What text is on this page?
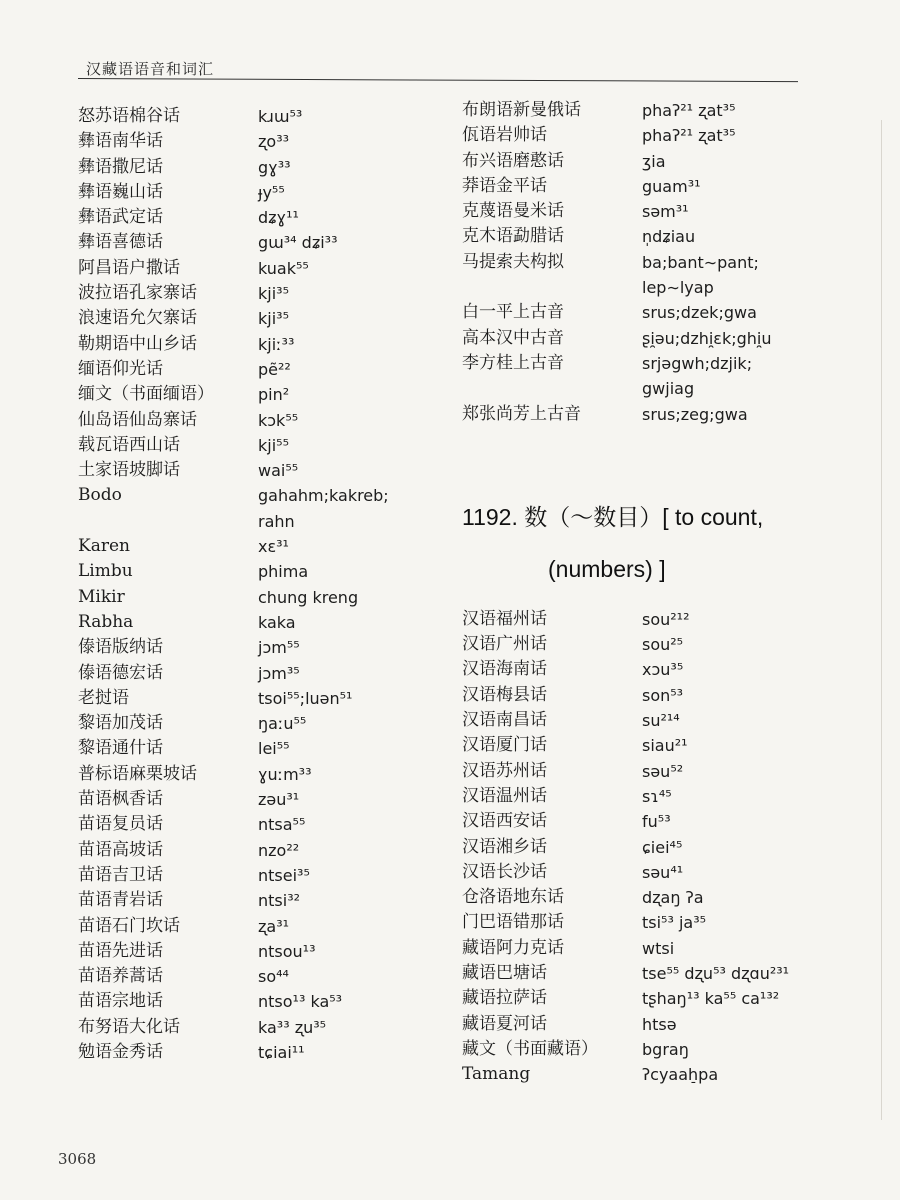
汉藏语语音和词汇
怒苏语棉谷话	kɹɯ⁵³
彝语南华话	ʐo³³
彝语撒尼话	gɣ³³
彝语巍山话	ɟy⁵⁵
彝语武定话	dʑɣ¹¹
彝语喜德话	gɯ³⁴ dʑi³³
阿昌语户撒话	kuak⁵⁵
波拉语孔家寨话	kji³⁵
浪速语允欠寨话	kji³⁵
勒期语中山乡话	kjiː³³
缅语仰光话	pẽ²²
缅文（书面缅语）	pin²
仙岛语仙岛寨话	kɔk⁵⁵
载瓦语西山话	kji⁵⁵
土家语坡脚话	wai⁵⁵
Bodo	gahahm;kakreb;
rahn
Karen	xɛ³¹
Limbu	phima
Mikir	chung kreng
Rabha	kaka
傣语版纳话	jɔm⁵⁵
傣语德宏话	jɔm³⁵
老挝语	tsoi⁵⁵;luən⁵¹
黎语加茂话	ŋaːu⁵⁵
黎语通什话	lei⁵⁵
普标语麻栗坡话	ɣuːm³³
苗语枫香话	zəu³¹
苗语复员话	ntsa⁵⁵
苗语高坡话	nzo²²
苗语吉卫话	ntsei³⁵
苗语青岩话	ntsi³²
苗语石门坎话	ʐa³¹
苗语先进话	ntsou¹³
苗语养蒿话	so⁴⁴
苗语宗地话	ntso¹³ ka⁵³
布努语大化话	ka³³ ʐu³⁵
勉语金秀话	tɕiai¹¹
布朗语新曼俄话	phaʔ²¹ ʐat³⁵
佤语岩帅话	phaʔ²¹ ʐat³⁵
布兴语磨憨话	ʒia
莽语金平话	guam³¹
克蔑语曼米话	səm³¹
克木语勐腊话	n̩dʑiau
马提索夫构拟	ba;bant∼pant;
lep∼lyap
白一平上古音	srus;dzek;gwa
高本汉中古音	ʂi̯əu;dzhi̯ɛk;ghi̯u
李方桂上古音	srjəgwh;dzjik;
gwjiag
郑张尚芳上古音	srus;zeg;gwa
1192. 数（～数目）[ to count,
(numbers) ]
汉语福州话	sou²¹²
汉语广州话	sou²⁵
汉语海南话	xɔu³⁵
汉语梅县话	son⁵³
汉语南昌话	su²¹⁴
汉语厦门话	siau²¹
汉语苏州话	səu⁵²
汉语温州话	sɿ⁴⁵
汉语西安话	fu⁵³
汉语湘乡话	ɕiei⁴⁵
汉语长沙话	səu⁴¹
仓洛语地东话	dʐaŋ ʔa
门巴语错那话	tsi⁵³ ja³⁵
藏语阿力克话	wtsi
藏语巴塘话	tse⁵⁵ dʐu⁵³ dʐɑu²³¹
藏语拉萨话	tʂhaŋ¹³ ka⁵⁵ ca¹³²
藏语夏河话	htsə
藏文（书面藏语）	bgraŋ
Tamang	ʔcyaah̠pa
3068
